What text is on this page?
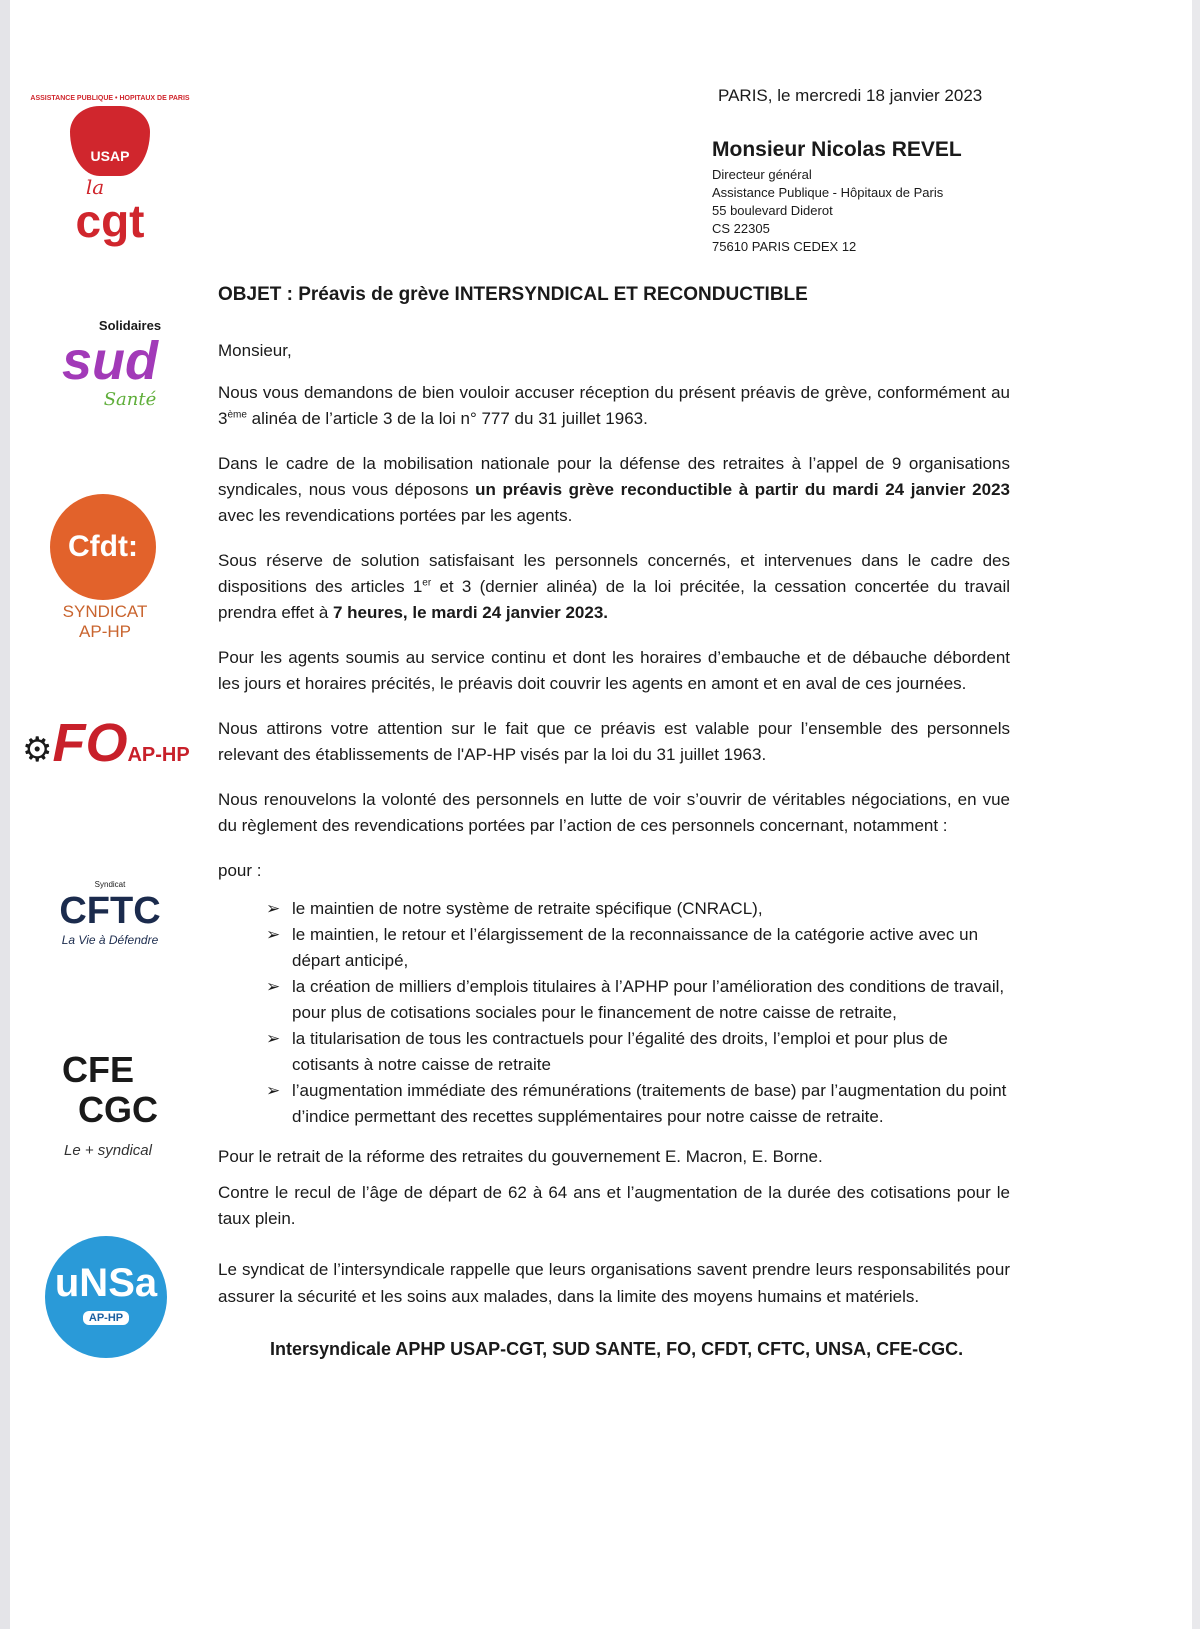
ASSISTANCE PUBLIQUE • HOPITAUX DE PARIS
USAP
la
cgt
Solidaires
sud
Santé
Cfdt:
SYNDICAT
AP-HP
⚙FOAP-HP
Syndicat
CFTC
La Vie à Défendre
CFE
CGC
Le + syndical
uNSa
AP-HP
PARIS, le mercredi 18 janvier 2023
Monsieur Nicolas REVEL
Directeur général
Assistance Publique - Hôpitaux de Paris
55 boulevard Diderot
CS 22305
75610 PARIS CEDEX 12
OBJET : Préavis de grève INTERSYNDICAL ET RECONDUCTIBLE

Monsieur,

Nous vous demandons de bien vouloir accuser réception du présent préavis de grève, conformément au 3ème alinéa de l’article 3 de la loi n° 777 du 31 juillet 1963.

Dans le cadre de la mobilisation nationale pour la défense des retraites à l’appel de 9 organisations syndicales, nous vous déposons un préavis grève reconductible à partir du mardi 24 janvier 2023 avec les revendications portées par les agents.

Sous réserve de solution satisfaisant les personnels concernés, et intervenues dans le cadre des dispositions des articles 1er et 3 (dernier alinéa) de la loi précitée, la cessation concertée du travail prendra effet à 7 heures, le mardi 24 janvier 2023.

Pour les agents soumis au service continu et dont les horaires d’embauche et de débauche débordent les jours et horaires précités, le préavis doit couvrir les agents en amont et en aval de ces journées.

Nous attirons votre attention sur le fait que ce préavis est valable pour l’ensemble des personnels relevant des établissements de l'AP-HP visés par la loi du 31 juillet 1963.

Nous renouvelons la volonté des personnels en lutte de voir s’ouvrir de véritables négociations, en vue du règlement des revendications portées par l’action de ces personnels concernant, notamment :

pour :

➢ le maintien de notre système de retraite spécifique (CNRACL),
➢ le maintien, le retour et l’élargissement de la reconnaissance de la catégorie active avec un départ anticipé,
➢ la création de milliers d’emplois titulaires à l’APHP pour l’amélioration des conditions de travail, pour plus de cotisations sociales pour le financement de notre caisse de retraite,
➢ la titularisation de tous les contractuels pour l’égalité des droits, l’emploi et pour plus de cotisants à notre caisse de retraite
➢ l’augmentation immédiate des rémunérations (traitements de base) par l’augmentation du point d’indice permettant des recettes supplémentaires pour notre caisse de retraite.

Pour le retrait de la réforme des retraites du gouvernement E. Macron, E. Borne.

Contre le recul de l’âge de départ de 62 à 64 ans et l’augmentation de la durée des cotisations pour le taux plein.

Le syndicat de l’intersyndicale rappelle que leurs organisations savent prendre leurs responsabilités pour assurer la sécurité et les soins aux malades, dans la limite des moyens humains et matériels.

Intersyndicale APHP USAP-CGT, SUD SANTE, FO, CFDT, CFTC, UNSA, CFE-CGC.
